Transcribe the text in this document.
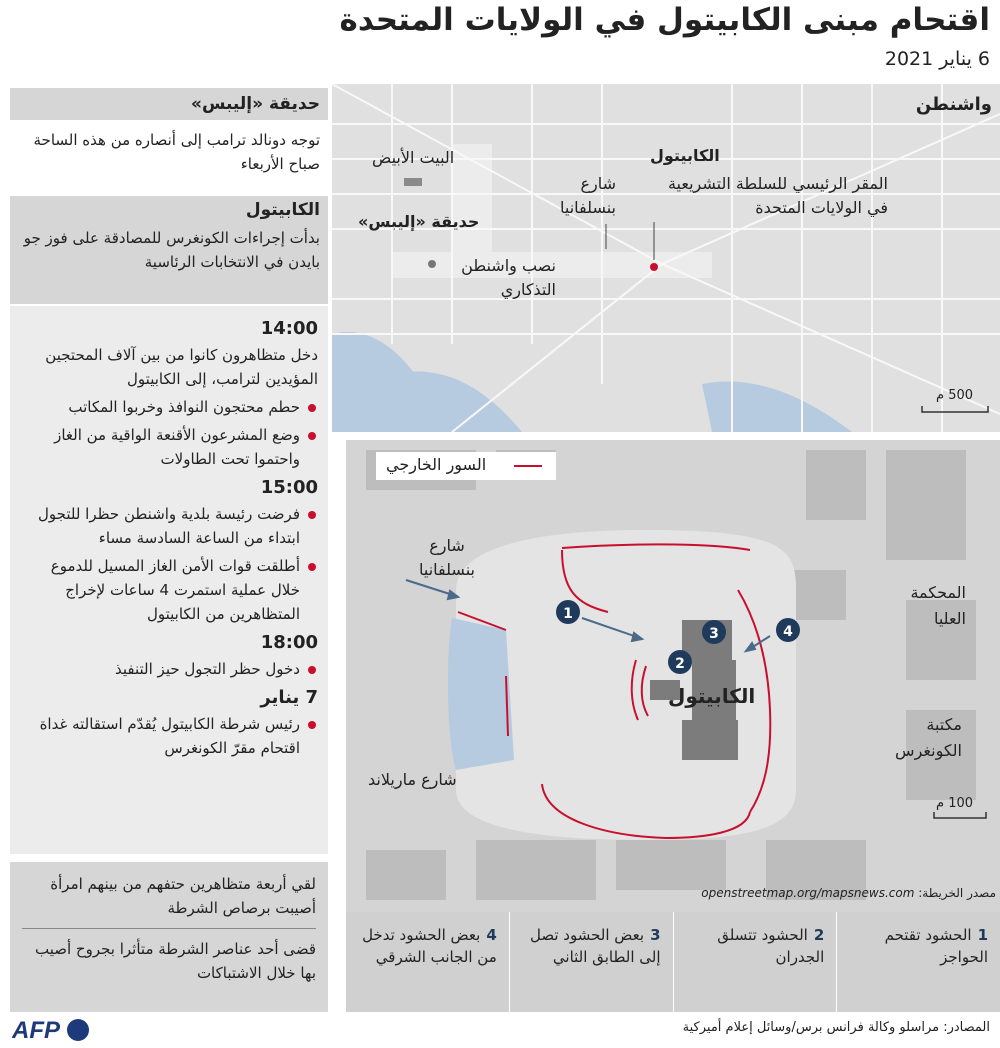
اقتحام مبنى الكابيتول في الولايات المتحدة
6 يناير 2021
حديقة «إليبس»
توجه دونالد ترامب إلى أنصاره من هذه الساحة صباح الأربعاء
الكابيتول
بدأت إجراءات الكونغرس للمصادقة على فوز جو بايدن في الانتخابات الرئاسية
14:00
دخل متظاهرون كانوا من بين آلاف المحتجين المؤيدين لترامب، إلى الكابيتول
حطم محتجون النوافذ وخربوا المكاتب
وضع المشرعون الأقنعة الواقية من الغاز واحتموا تحت الطاولات
15:00
فرضت رئيسة بلدية واشنطن حظرا للتجول ابتداء من الساعة السادسة مساء
أطلقت قوات الأمن الغاز المسيل للدموع خلال عملية استمرت 4 ساعات لإخراج المتظاهرين من الكابيتول
18:00
دخول حظر التجول حيز التنفيذ
7 يناير
رئيس شرطة الكابيتول يُقدّم استقالته غداة اقتحام مقرّ الكونغرس
لقي أربعة متظاهرين حتفهم من بينهم امرأة أصيبت برصاص الشرطة
قضى أحد عناصر الشرطة متأثرا بجروح أصيب بها خلال الاشتباكات
واشنطن
البيت الأبيض
حديقة «إليبس»
نصب واشنطن التذكاري
شارع بنسلفانيا
الكابيتول
المقر الرئيسي للسلطة التشريعية في الولايات المتحدة
500 م
1
2
3	4
السور الخارجي
شارع بنسلفانيا
شارع ماريلاند
الكابيتول
المحكمة العليا
مكتبة الكونغرس
100 م
مصدر الخريطة: openstreetmap.org/mapsnews.com
4بعض الحشود تدخل من الجانب الشرقي
3بعض الحشود تصل إلى الطابق الثاني
2الحشود تتسلق الجدران
1الحشود تقتحم الحواجز
المصادر: مراسلو وكالة فرانس برس/وسائل إعلام أميركية
AFP
